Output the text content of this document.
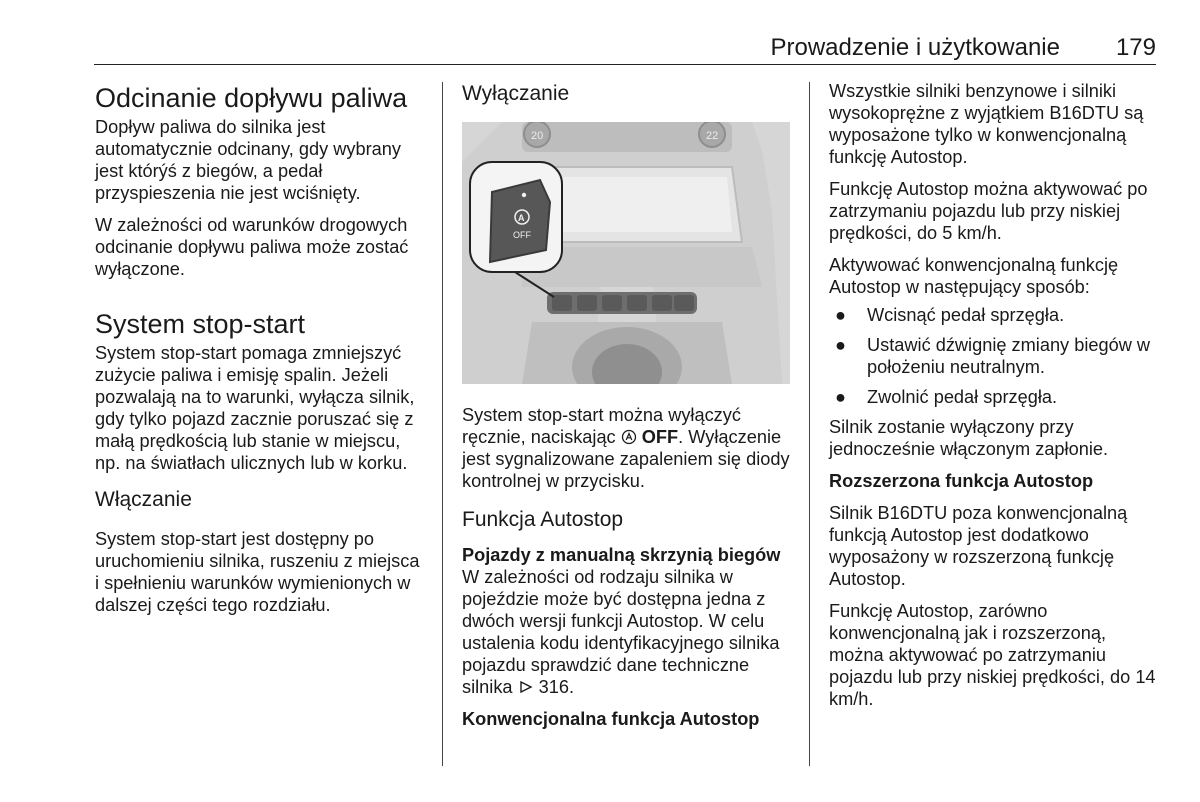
Prowadzenie i użytkowanie 179
Odcinanie dopływu paliwa

Dopływ paliwa do silnika jest automatycznie odcinany, gdy wybrany jest którýś z biegów, a pedał przyspieszenia nie jest wciśnięty.

W zależności od warunków drogowych odcinanie dopływu paliwa może zostać wyłączone.

System stop-start

System stop-start pomaga zmniejszyć zużycie paliwa i emisję spalin. Jeżeli pozwalają na to warunki, wyłącza silnik, gdy tylko pojazd zacznie poruszać się z małą prędkością lub stanie w miejscu, np. na światłach ulicznych lub w korku.

Włączanie

System stop-start jest dostępny po uruchomieniu silnika, ruszeniu z miejsca i spełnieniu warunków wymienionych w dalszej części tego rozdziału.

Wyłączanie
20	22
A
OFF

System stop-start można wyłączyć ręcznie, naciskając OFF. Wyłączenie jest sygnalizowane zapaleniem się diody kontrolnej w przycisku.

Funkcja Autostop
Pojazdy z manualną skrzynią biegów

W zależności od rodzaju silnika w pojeździe może być dostępna jedna z dwóch wersji funkcji Autostop. W celu ustalenia kodu identyfikacyjnego silnika pojazdu sprawdzić dane techniczne silnika 316.

Konwencjonalna funkcja Autostop

Wszystkie silniki benzynowe i silniki wysokoprężne z wyjątkiem B16DTU są wyposażone tylko w konwencjonalną funkcję Autostop.

Funkcję Autostop można aktywować po zatrzymaniu pojazdu lub przy niskiej prędkości, do 5 km/h.

Aktywować konwencjonalną funkcję Autostop w następujący sposób:

● Wcisnąć pedał sprzęgła.
● Ustawić dźwignię zmiany biegów w położeniu neutralnym.
● Zwolnić pedał sprzęgła.

Silnik zostanie wyłączony przy jednocześnie włączonym zapłonie.

Rozszerzona funkcja Autostop

Silnik B16DTU poza konwencjonalną funkcją Autostop jest dodatkowo wyposażony w rozszerzoną funkcję Autostop.

Funkcję Autostop, zarówno konwencjonalną jak i rozszerzoną, można aktywować po zatrzymaniu pojazdu lub przy niskiej prędkości, do 14 km/h.
